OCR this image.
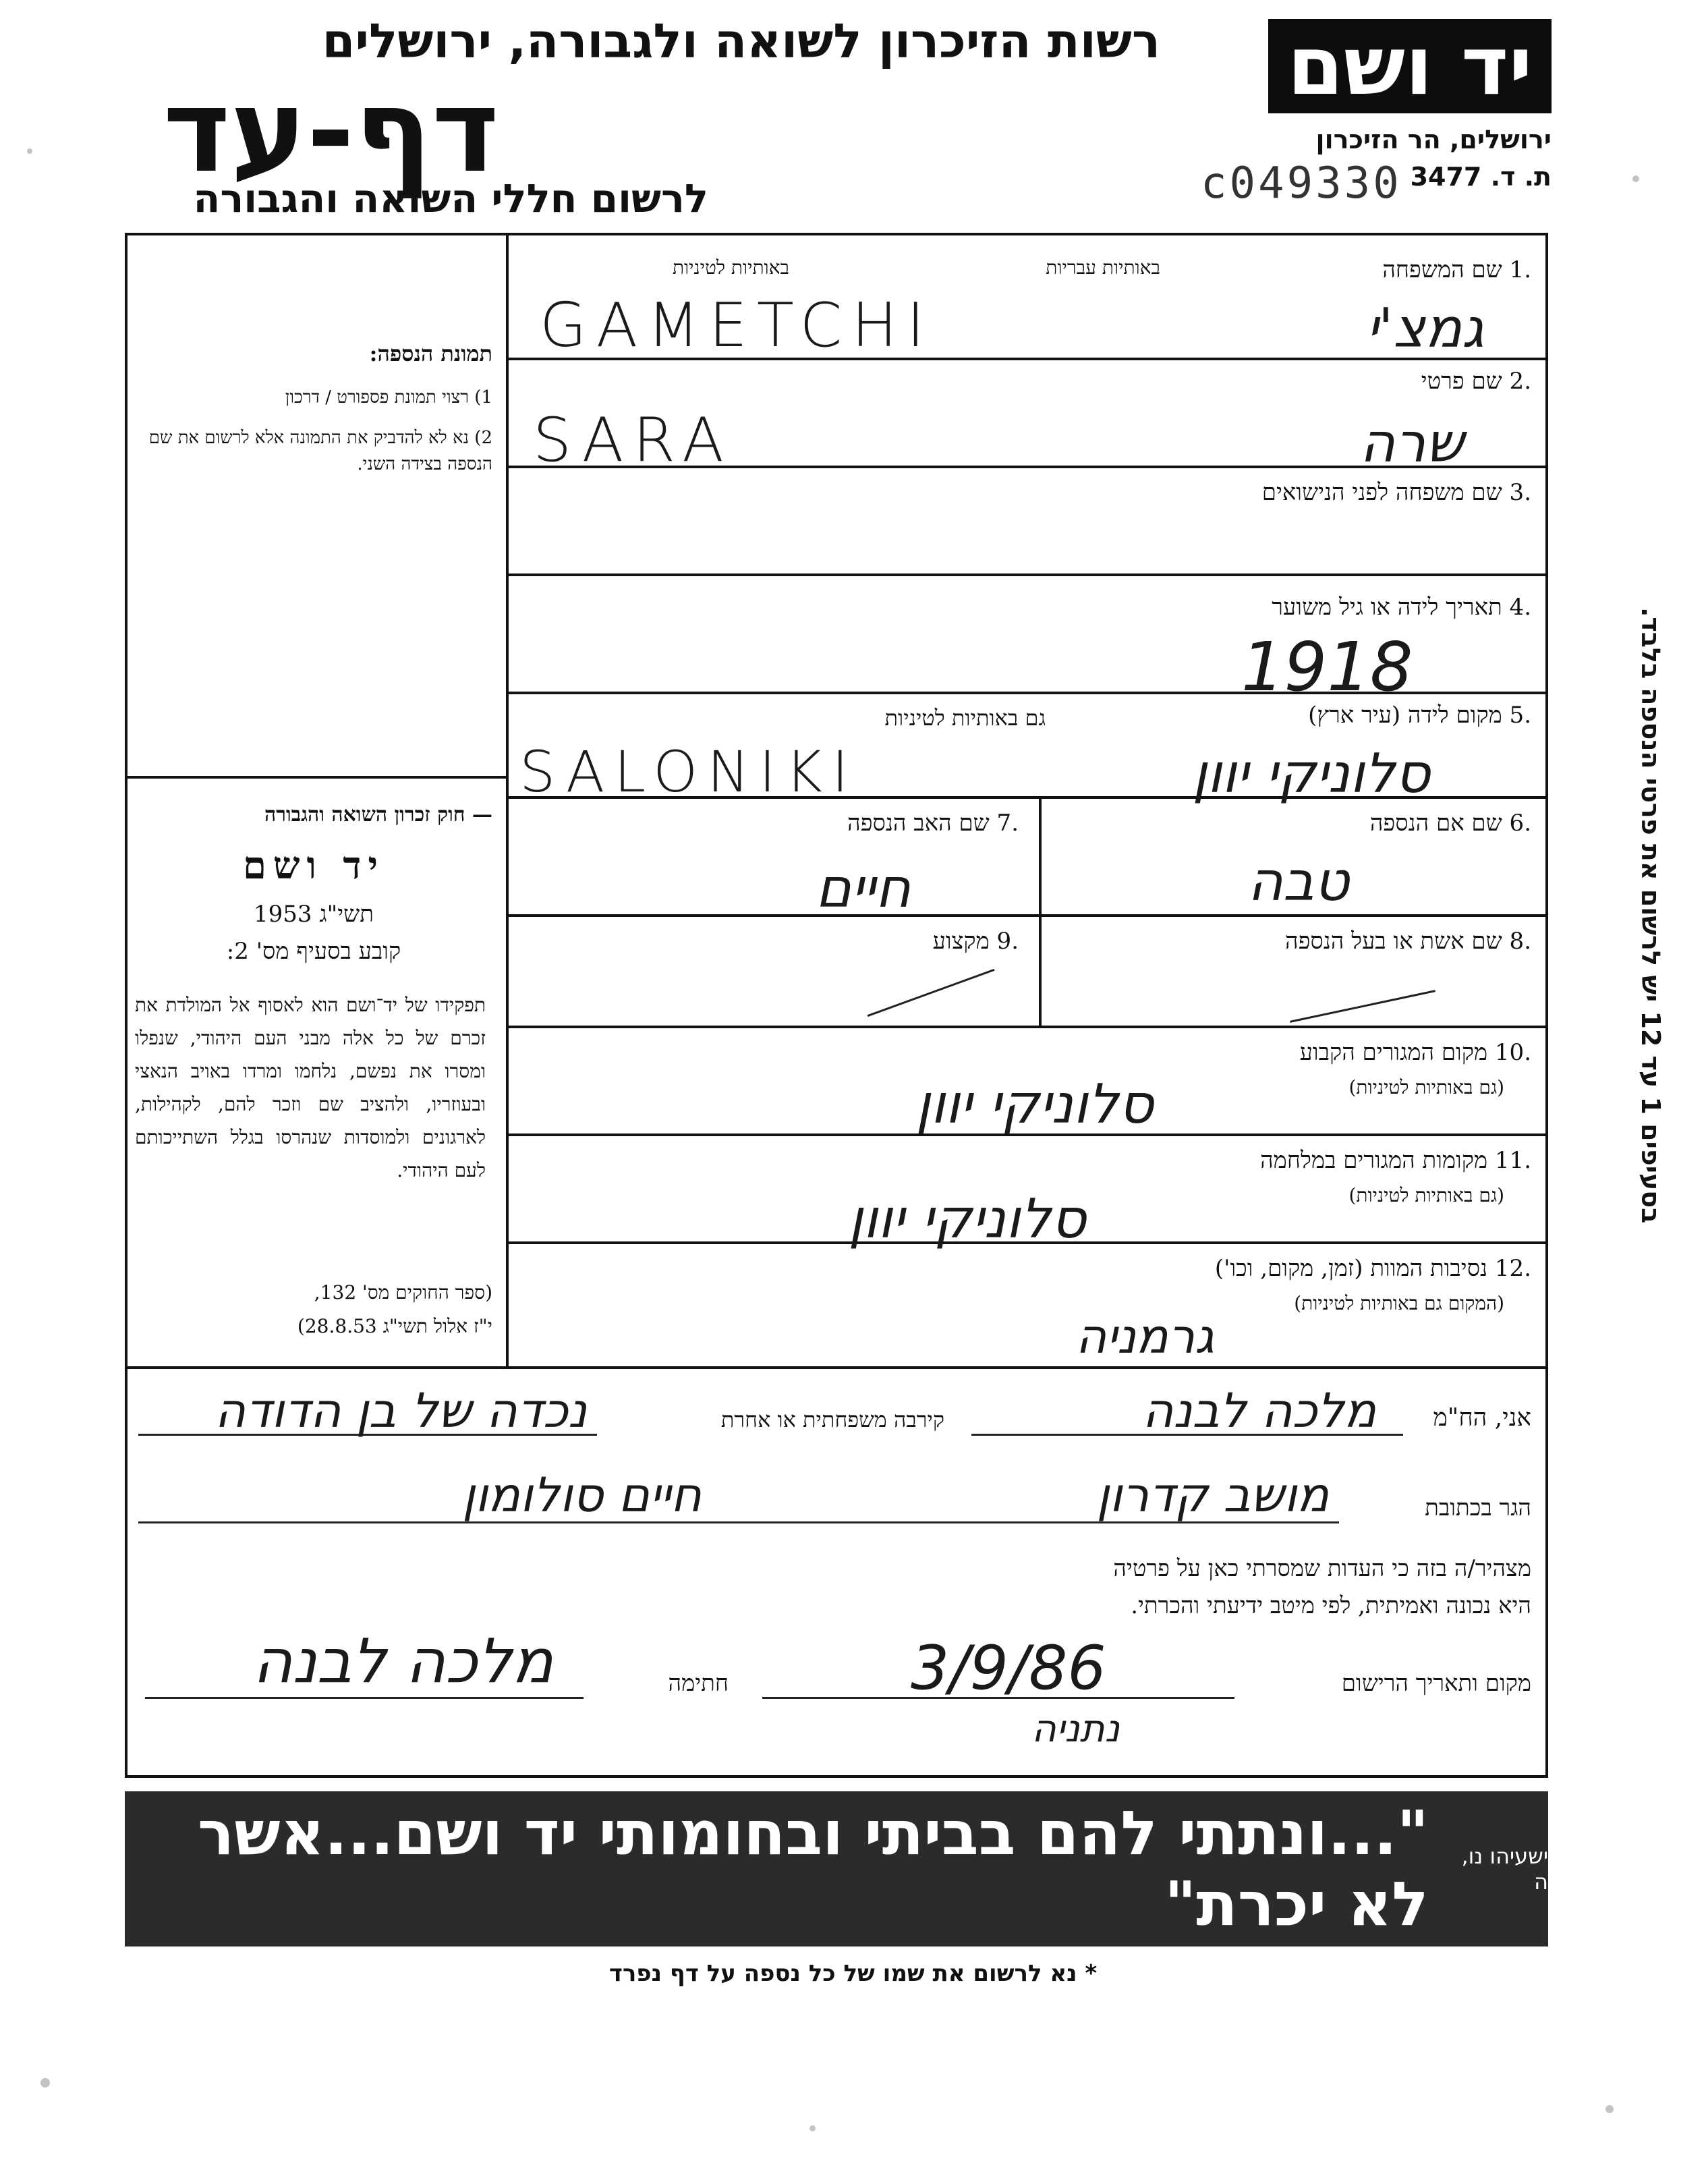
יד ושם
רשות הזיכרון לשואה ולגבורה, ירושלים
דף-עד
לרשום חללי השואה והגבורה
ירושלים, הר הזיכרון
ת. ד. 3477
c049330
בסעיפים 1 עד 12 יש לרשום את פרטי הנספה בלבד.
תמונת הנספה:
1) רצוי תמונת פספורט / דרכון
2) נא לא להדביק את התמונה אלא לרשום את שם הנספה בצידה השני.
— חוק זכרון השואה והגבורה
יד ושם
תשי"ג 1953
קובע בסעיף מס' 2:
תפקידו של יד־ושם הוא לאסוף אל המולדת את זכרם של כל אלה מבני העם היהודי, שנפלו ומסרו את נפשם, נלחמו ומרדו באויב הנאצי ובעוזריו, ולהציב שם וזכר להם, לקהילות, לארגונים ולמוסדות שנהרסו בגלל השתייכותם לעם היהודי.
(ספר החוקים מס' 132,
י"ז אלול תשי"ג 28.8.53)
.1 שם המשפחה
באותיות עבריות
באותיות לטיניות
GAMETCHI	גמצ'י
.2 שם פרטי
SARA	שרה
.3 שם משפחה לפני הנישואים
.4 תאריך לידה או גיל משוער
1918
.5 מקום לידה (עיר ארץ)
גם באותיות לטיניות
SALONIKI	סלוניקי יוון
.6 שם אם הנספה
טבה
.7 שם האב הנספה
חיים
.8 שם אשת או בעל הנספה
.9 מקצוע
.10 מקום המגורים הקבוע
(גם באותיות לטיניות)
סלוניקי יוון
.11 מקומות המגורים במלחמה
(גם באותיות לטיניות)
סלוניקי יוון
.12 נסיבות המוות (זמן, מקום, וכו')
(המקום גם באותיות לטיניות)
גרמניה
אני, הח"מ
מלכה לבנה
קירבה משפחתית או אחרת
נכדה של בן הדודה
הגר בכתובת
מושב קדרון
חיים סולומון
מצהיר/ה בזה כי העדות שמסרתי כאן על פרטיה
היא נכונה ואמיתית, לפי מיטב ידיעתי והכרתי.
מקום ותאריך הרישום
3/9/86
נתניה
חתימה
מלכה לבנה
"...ונתתי להם בביתי ובחומותי יד ושם...אשר לא יכרת"
ישעיהו נו, ה
* נא לרשום את שמו של כל נספה על דף נפרד
